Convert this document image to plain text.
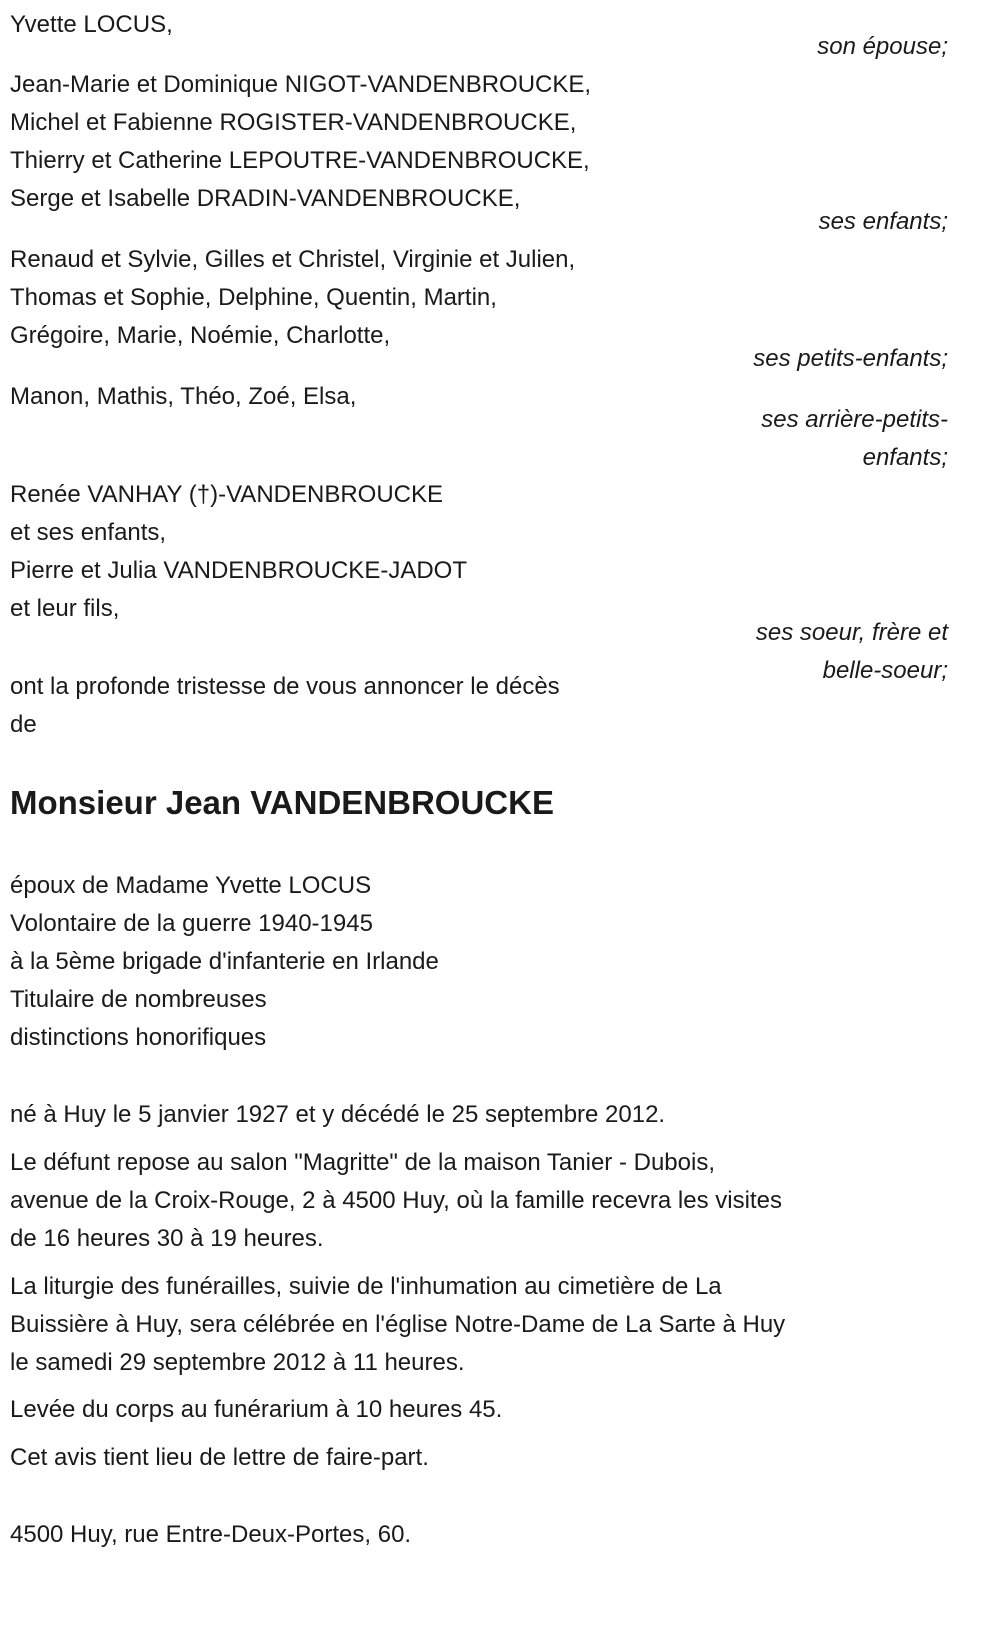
Yvette LOCUS,
son épouse;
Jean-Marie et Dominique NIGOT-VANDENBROUCKE,
Michel et Fabienne ROGISTER-VANDENBROUCKE,
Thierry et Catherine LEPOUTRE-VANDENBROUCKE,
Serge et Isabelle DRADIN-VANDENBROUCKE,
ses enfants;
Renaud et Sylvie, Gilles et Christel, Virginie et Julien,
Thomas et Sophie, Delphine, Quentin, Martin,
Grégoire, Marie, Noémie, Charlotte,
ses petits-enfants;
Manon, Mathis, Théo, Zoé, Elsa,
ses arrière-petits-
enfants;
Renée VANHAY (†)-VANDENBROUCKE
et ses enfants,
Pierre et Julia VANDENBROUCKE-JADOT
et leur fils,
ses soeur, frère et
belle-soeur;
ont la profonde tristesse de vous annoncer le décès
de
Monsieur Jean VANDENBROUCKE
époux de Madame Yvette LOCUS
Volontaire de la guerre 1940-1945
à la 5ème brigade d'infanterie en Irlande
Titulaire de nombreuses
distinctions honorifiques
né à Huy le 5 janvier 1927 et y décédé le 25 septembre 2012.
Le défunt repose au salon "Magritte" de la maison Tanier - Dubois,
avenue de la Croix-Rouge, 2 à 4500 Huy, où la famille recevra les visites
de 16 heures 30 à 19 heures.
La liturgie des funérailles, suivie de l'inhumation au cimetière de La
Buissière à Huy, sera célébrée en l'église Notre-Dame de La Sarte à Huy
le samedi 29 septembre 2012 à 11 heures.
Levée du corps au funérarium à 10 heures 45.
Cet avis tient lieu de lettre de faire-part.
4500 Huy, rue Entre-Deux-Portes, 60.
